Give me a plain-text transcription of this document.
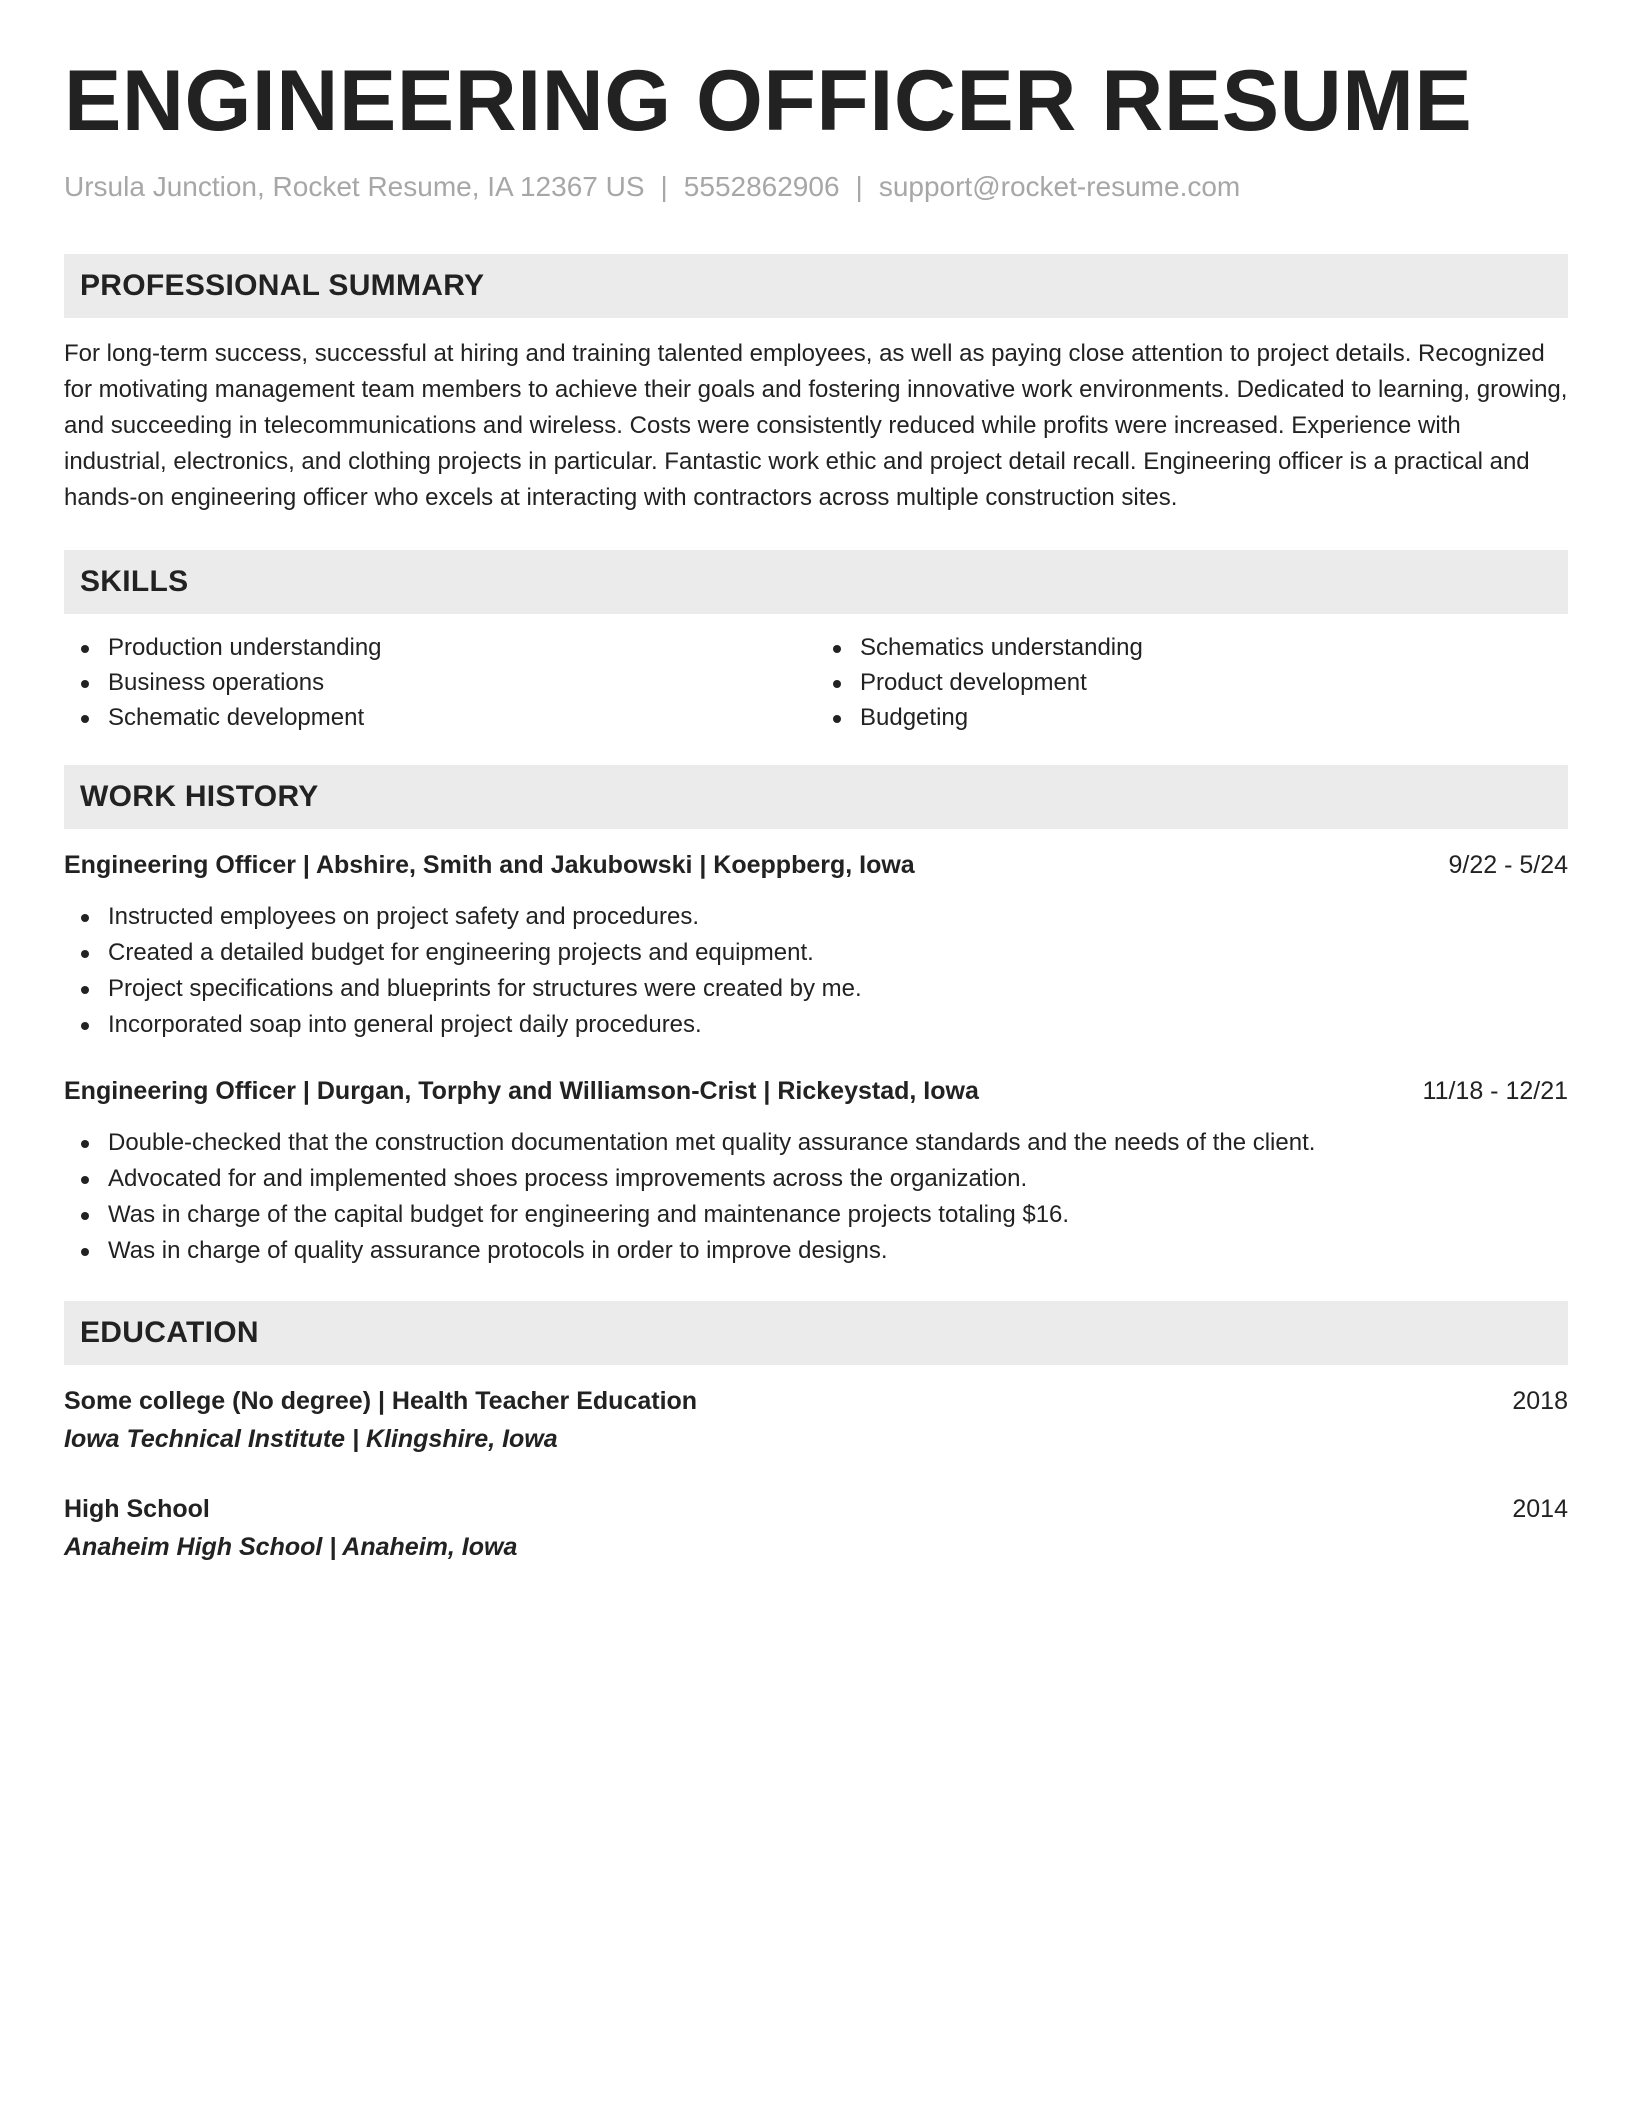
ENGINEERING OFFICER RESUME
Ursula Junction, Rocket Resume, IA 12367 US | 5552862906 | support@rocket-resume.com
PROFESSIONAL SUMMARY
For long-term success, successful at hiring and training talented employees, as well as paying close attention to project details. Recognized for motivating management team members to achieve their goals and fostering innovative work environments. Dedicated to learning, growing, and succeeding in telecommunications and wireless. Costs were consistently reduced while profits were increased. Experience with industrial, electronics, and clothing projects in particular. Fantastic work ethic and project detail recall. Engineering officer is a practical and hands-on engineering officer who excels at interacting with contractors across multiple construction sites.
SKILLS
Production understanding
Business operations
Schematic development
Schematics understanding
Product development
Budgeting
WORK HISTORY
Engineering Officer | Abshire, Smith and Jakubowski | Koeppberg, Iowa	9/22 - 5/24
Instructed employees on project safety and procedures.
Created a detailed budget for engineering projects and equipment.
Project specifications and blueprints for structures were created by me.
Incorporated soap into general project daily procedures.
Engineering Officer | Durgan, Torphy and Williamson-Crist | Rickeystad, Iowa	11/18 - 12/21
Double-checked that the construction documentation met quality assurance standards and the needs of the client.
Advocated for and implemented shoes process improvements across the organization.
Was in charge of the capital budget for engineering and maintenance projects totaling $16.
Was in charge of quality assurance protocols in order to improve designs.
EDUCATION
Some college (No degree) | Health Teacher Education	2018
Iowa Technical Institute | Klingshire, Iowa
High School	2014
Anaheim High School | Anaheim, Iowa
